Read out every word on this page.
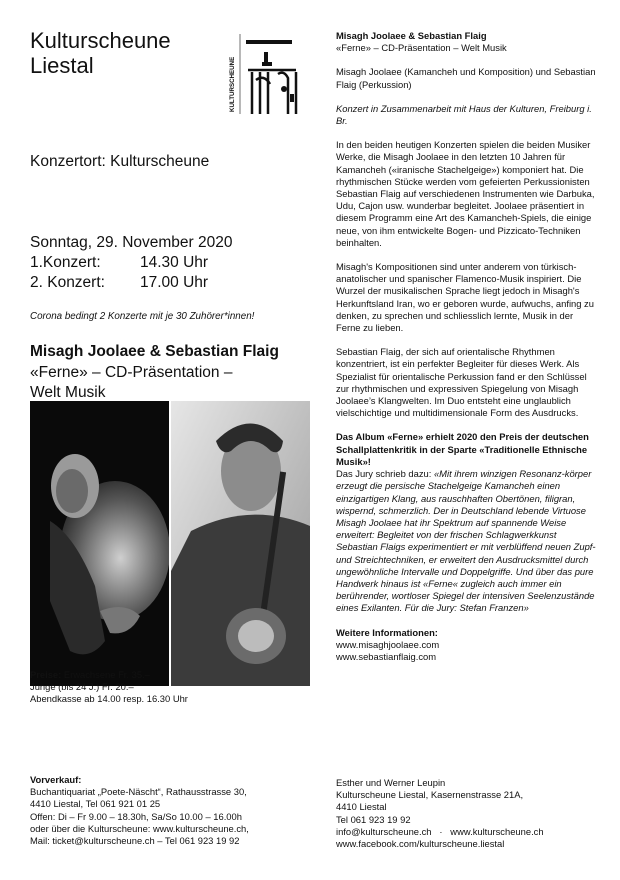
Kulturscheune
Liestal	KULTURSCHEUNE
Konzertort: Kulturscheune
Sonntag, 29. November 2020
1.Konzert:	14.30 Uhr
2. Konzert:	17.00 Uhr
Corona bedingt 2 Konzerte mit je 30 Zuhörer*innen!
Misagh Joolaee & Sebastian Flaig
«Ferne» – CD-Präsentation –
Welt Musik
Preise: Erwachsene Fr. 35.–
Junge (bis 24 J.) Fr. 20.–
Abendkasse ab 14.00 resp. 16.30 Uhr
Vorverkauf:
Buchantiquariat „Poete-Näscht“, Rathausstrasse 30,
4410 Liestal, Tel 061 921 01 25
Offen: Di – Fr 9.00 – 18.30h, Sa/So 10.00 – 16.00h
oder über die Kulturscheune: www.kulturscheune.ch,
Mail: ticket@kulturscheune.ch – Tel 061 923 19 92

Misagh Joolaee & Sebastian Flaig
«Ferne» – CD-Präsentation – Welt Musik

Misagh Joolaee (Kamancheh und Komposition) und Sebastian Flaig (Perkussion)

Konzert in Zusammenarbeit mit Haus der Kulturen, Freiburg i. Br.

In den beiden heutigen Konzerten spielen die beiden Musiker Werke, die Misagh Joolaee in den letzten 10 Jahren für Kamancheh («iranische Stachelgeige») komponiert hat. Die rhythmischen Stücke werden vom gefeierten Perkussionisten Sebastian Flaig auf verschiedenen Instrumenten wie Darbuka, Udu, Cajon usw. wunderbar begleitet. Joolaee präsentiert in diesem Programm eine Art des Kamancheh-Spiels, die einige neue, von ihm entwickelte Bogen- und Pizzicato-Techniken beinhalten.

Misagh's Kompositionen sind unter anderem von türkisch-anatolischer und spanischer Flamenco-Musik inspiriert. Die Wurzel der musikalischen Sprache liegt jedoch in Misagh's Herkunftsland Iran, wo er geboren wurde, aufwuchs, anfing zu denken, zu sprechen und schliesslich lernte, Musik in der Ferne zu lieben.

Sebastian Flaig, der sich auf orientalische Rhythmen konzentriert, ist ein perfekter Begleiter für dieses Werk. Als Spezialist für orientalische Perkussion fand er den Schlüssel zur rhythmischen und expressiven Spiegelung von Misagh Joolaee’s Klangwelten. Im Duo entsteht eine unglaublich vielschichtige und multidimensionale Form des Ausdrucks.

Das Album «Ferne» erhielt 2020 den Preis der deutschen Schallplattenkritik in der Sparte «Traditionelle Ethnische Musik»!
Das Jury schrieb dazu: «Mit ihrem winzigen Resonanz-körper erzeugt die persische Stachelgeige Kamancheh einen einzigartigen Klang, aus rauschhaften Obertönen, filigran, wispernd, schmerzlich. Der in Deutschland lebende Virtuose Misagh Joolaee hat ihr Spektrum auf spannende Weise erweitert: Begleitet von der frischen Schlagwerkkunst Sebastian Flaigs experimentiert er mit verblüffend neuen Zupf- und Streichtechniken, er erweitert den Ausdrucksmittel durch ungewöhnliche Intervalle und Doppelgriffe. Und über das pure Handwerk hinaus ist «Ferne« zugleich auch immer ein berührender, wortloser Spiegel der intensiven Seelenzustände eines Exilanten. Für die Jury: Stefan Franzen»

Weitere Informationen:
www.misaghjoolaee.com
www.sebastianflaig.com

Esther und Werner Leupin
Kulturscheune Liestal, Kasernenstrasse 21A,
4410 Liestal
Tel 061 923 19 92
info@kulturscheune.ch · www.kulturscheune.ch
www.facebook.com/kulturscheune.liestal
